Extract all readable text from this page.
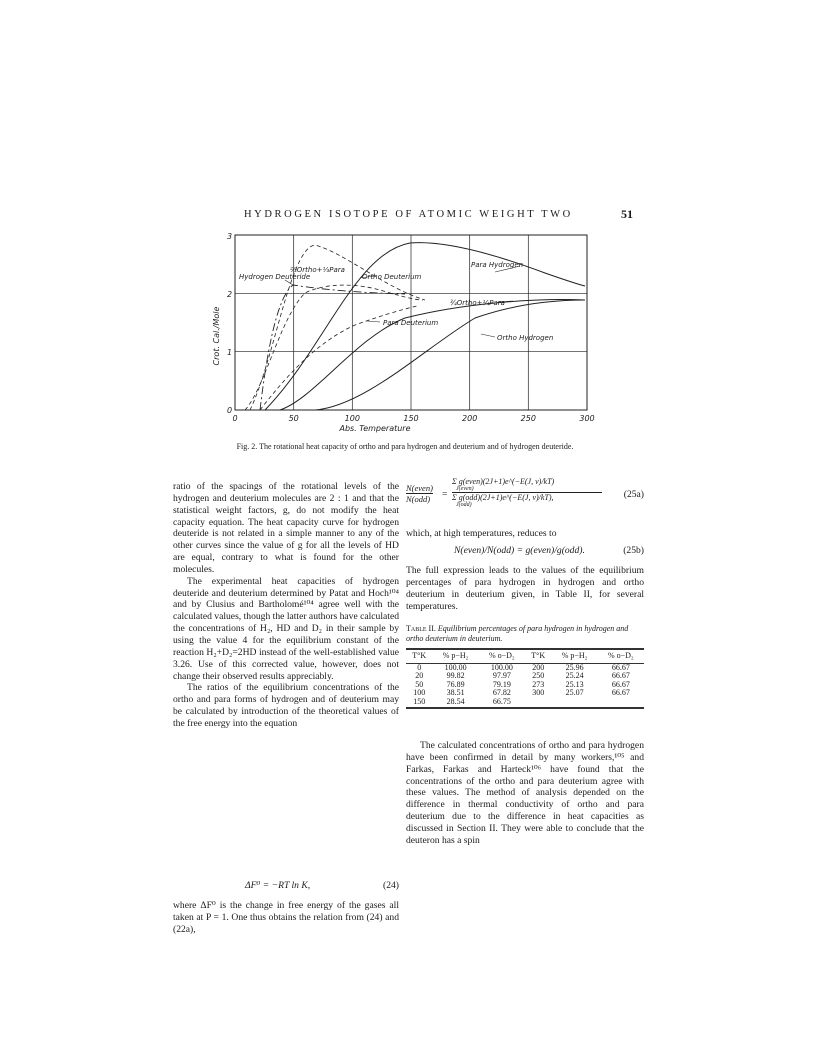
HYDROGEN ISOTOPE OF ATOMIC WEIGHT TWO	51
0
1
2
3
0	50	100	150	200	250	300
Abs. Temperature
Crot. Cal./Mole
Hydrogen Deuteride
⅔Ortho+⅓Para
Ortho Deuterium
Para Hydrogen
¾Ortho+¼Para
Para Deuterium
Ortho Hydrogen
Fig. 2. The rotational heat capacity of ortho and para hydrogen and deuterium and of hydrogen deuteride.

ratio of the spacings of the rotational levels of the hydrogen and deuterium molecules are 2 : 1 and that the statistical weight factors, g, do not modify the heat capacity equation. The heat capacity curve for hydrogen deuteride is not related in a simple manner to any of the other curves since the value of g for all the levels of HD are equal, contrary to what is found for the other molecules.

The experimental heat capacities of hydrogen deuteride and deuterium determined by Patat and Hoch¹⁰⁴ and by Clusius and Bartholomé¹⁰⁴ agree well with the calculated values, though the latter authors have calculated the concentrations of H₂, HD and D₂ in their sample by using the value 4 for the equilibrium constant of the reaction H₂+D₂=2HD instead of the well-established value 3.26. Use of this corrected value, however, does not change their observed results appreciably.

The ratios of the equilibrium concentrations of the ortho and para forms of hydrogen and of deuterium may be calculated by introduction of the theoretical values of the free energy into the equation

ΔF⁰ = −RT ln K,	(24)

where ΔF⁰ is the change in free energy of the gases all taken at P = 1. One thus obtains the relation from (24) and (22a),

N(even)
N(odd) =
Σ g(even)(2J+1)e^(−E(J, v)/kT)
J(even)
Σ g(odd)(2J+1)e^(−E(J, v)/kT),
J(odd)
(25a)

which, at high temperatures, reduces to

N(even)/N(odd) = g(even)/g(odd).	(25b)

The full expression leads to the values of the equilibrium percentages of para hydrogen in hydrogen and ortho deuterium in deuterium given, in Table II, for several temperatures.

Table II. Equilibrium percentages of para hydrogen in hydrogen and ortho deuterium in deuterium.
T°K	% p−H₂	% o−D₂	T°K	% p−H₂	% o−D₂
0	100.00	100.00	200	25.96	66.67
20	99.82	97.97	250	25.24	66.67
50	76.89	79.19	273	25.13	66.67
100	38.51	67.82	300	25.07	66.67
150	28.54	66.75			

The calculated concentrations of ortho and para hydrogen have been confirmed in detail by many workers,¹⁰⁵ and Farkas, Farkas and Harteck¹⁰⁶ have found that the concentrations of the ortho and para deuterium agree with these values. The method of analysis depended on the difference in thermal conductivity of ortho and para deuterium due to the difference in heat capacities as discussed in Section II. They were able to conclude that the deuteron has a spin
